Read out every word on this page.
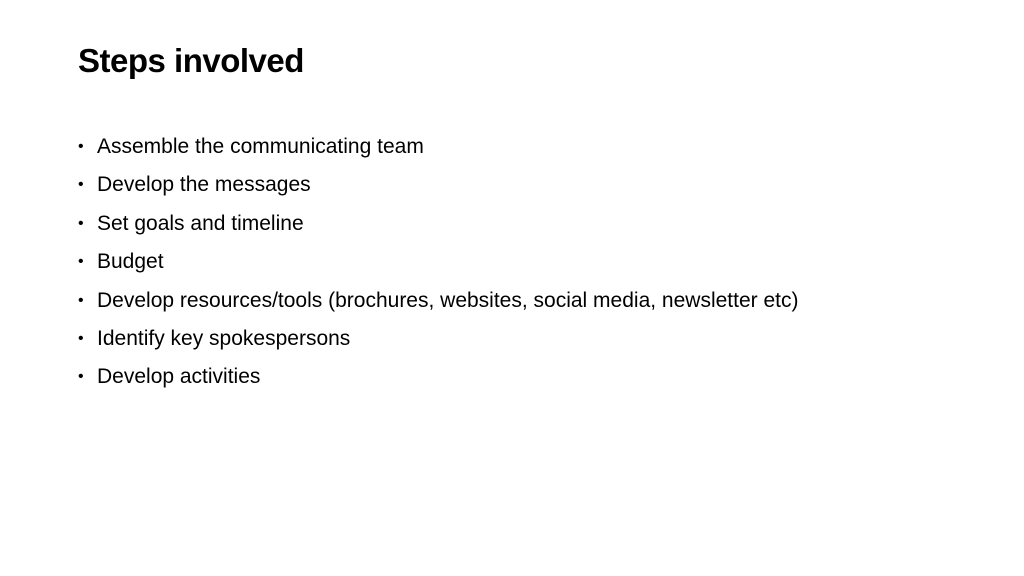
Steps involved
• Assemble the communicating team
• Develop the messages
• Set goals and timeline
• Budget
• Develop resources/tools (brochures, websites, social media, newsletter etc)
• Identify key spokespersons
• Develop activities
